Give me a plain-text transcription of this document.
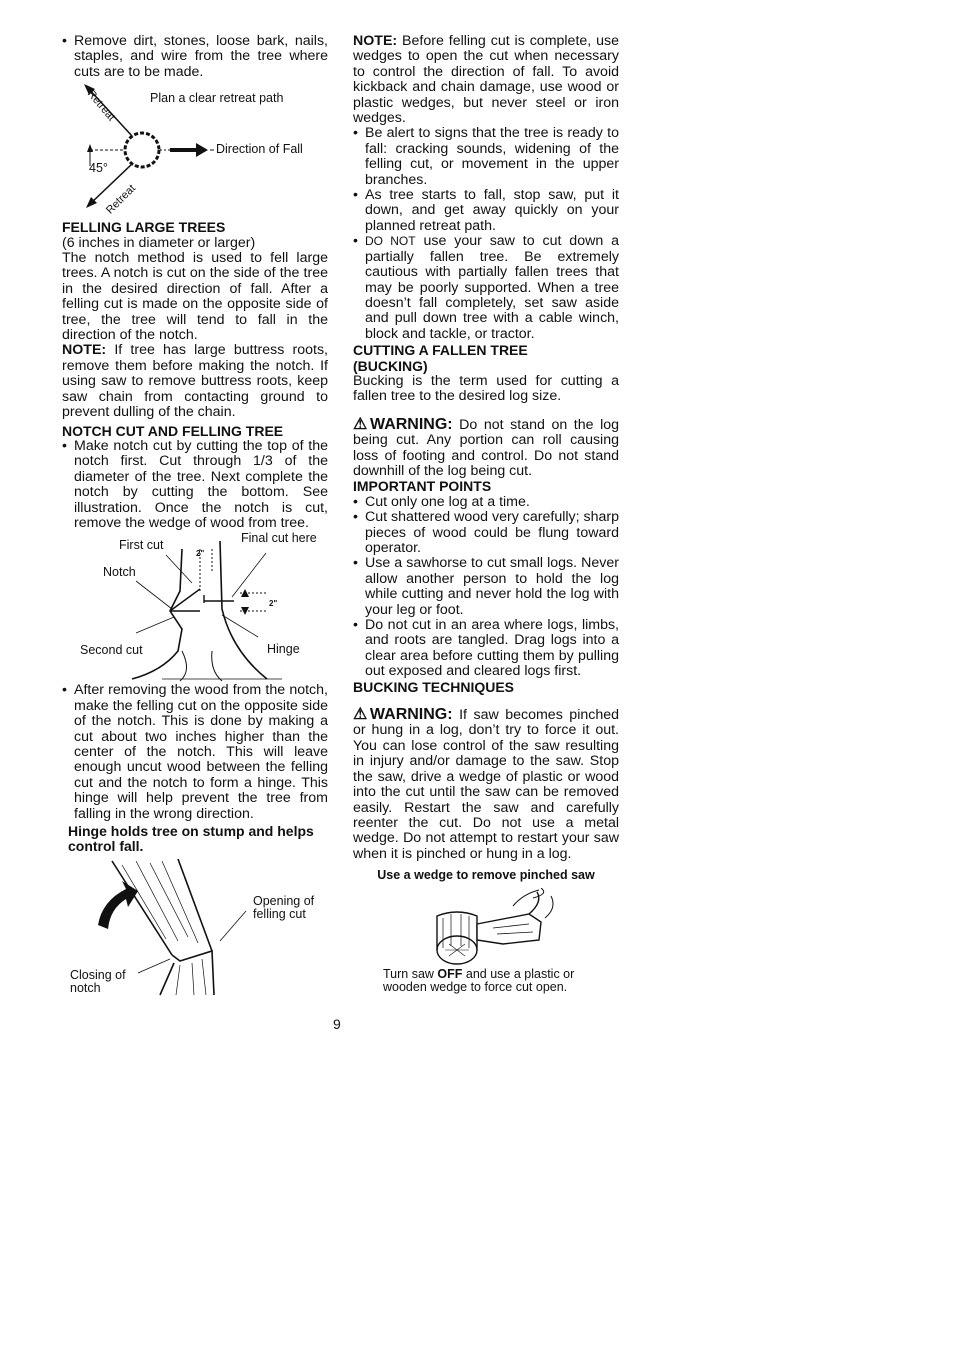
• Remove dirt, stones, loose bark, nails, staples, and wire from the tree where cuts are to be made.
Retreat	Plan a clear retreat path
Direction of Fall
45°
Retreat
FELLING LARGE TREES

(6 inches in diameter or larger)

The notch method is used to fell large trees. A notch is cut on the side of the tree in the desired direction of fall. After a felling cut is made on the opposite side of tree, the tree will tend to fall in the direction of the notch.

NOTE: If tree has large buttress roots, remove them before making the notch. If using saw to remove buttress roots, keep saw chain from contacting ground to prevent dulling of the chain.

NOTCH CUT AND FELLING TREE
• Make notch cut by cutting the top of the notch first. Cut through 1/3 of the diameter of the tree. Next complete the notch by cutting the bottom. See illustration. Once the notch is cut, remove the wedge of wood from tree.
First cut	Final cut here
Notch
Second cut	Hinge
2"
2"
• After removing the wood from the notch, make the felling cut on the opposite side of the notch. This is done by making a cut about two inches higher than the center of the notch. This will leave enough uncut wood between the felling cut and the notch to form a hinge. This hinge will help prevent the tree from falling in the wrong direction.
Hinge holds tree on stump and helps control fall.
Opening of felling cut
Closing of notch

NOTE: Before felling cut is complete, use wedges to open the cut when necessary to control the direction of fall. To avoid kickback and chain damage, use wood or plastic wedges, but never steel or iron wedges.

• Be alert to signs that the tree is ready to fall: cracking sounds, widening of the felling cut, or movement in the upper branches.
• As tree starts to fall, stop saw, put it down, and get away quickly on your planned retreat path.
• DO NOT use your saw to cut down a partially fallen tree. Be extremely cautious with partially fallen trees that may be poorly supported. When a tree doesn’t fall completely, set saw aside and pull down tree with a cable winch, block and tackle, or tractor.
CUTTING A FALLEN TREE (BUCKING)

Bucking is the term used for cutting a fallen tree to the desired log size.

⚠WARNING: Do not stand on the log being cut. Any portion can roll causing loss of footing and control. Do not stand downhill of the log being cut.

IMPORTANT POINTS
• Cut only one log at a time.
• Cut shattered wood very carefully; sharp pieces of wood could be flung toward operator.
• Use a sawhorse to cut small logs. Never allow another person to hold the log while cutting and never hold the log with your leg or foot.
• Do not cut in an area where logs, limbs, and roots are tangled. Drag logs into a clear area before cutting them by pulling out exposed and cleared logs first.
BUCKING TECHNIQUES

⚠WARNING: If saw becomes pinched or hung in a log, don’t try to force it out. You can lose control of the saw resulting in injury and/or damage to the saw. Stop the saw, drive a wedge of plastic or wood into the cut until the saw can be removed easily. Restart the saw and carefully reenter the cut. Do not use a metal wedge. Do not attempt to restart your saw when it is pinched or hung in a log.

Use a wedge to remove pinched saw

Turn saw OFF and use a plastic or wooden wedge to force cut open.

9
